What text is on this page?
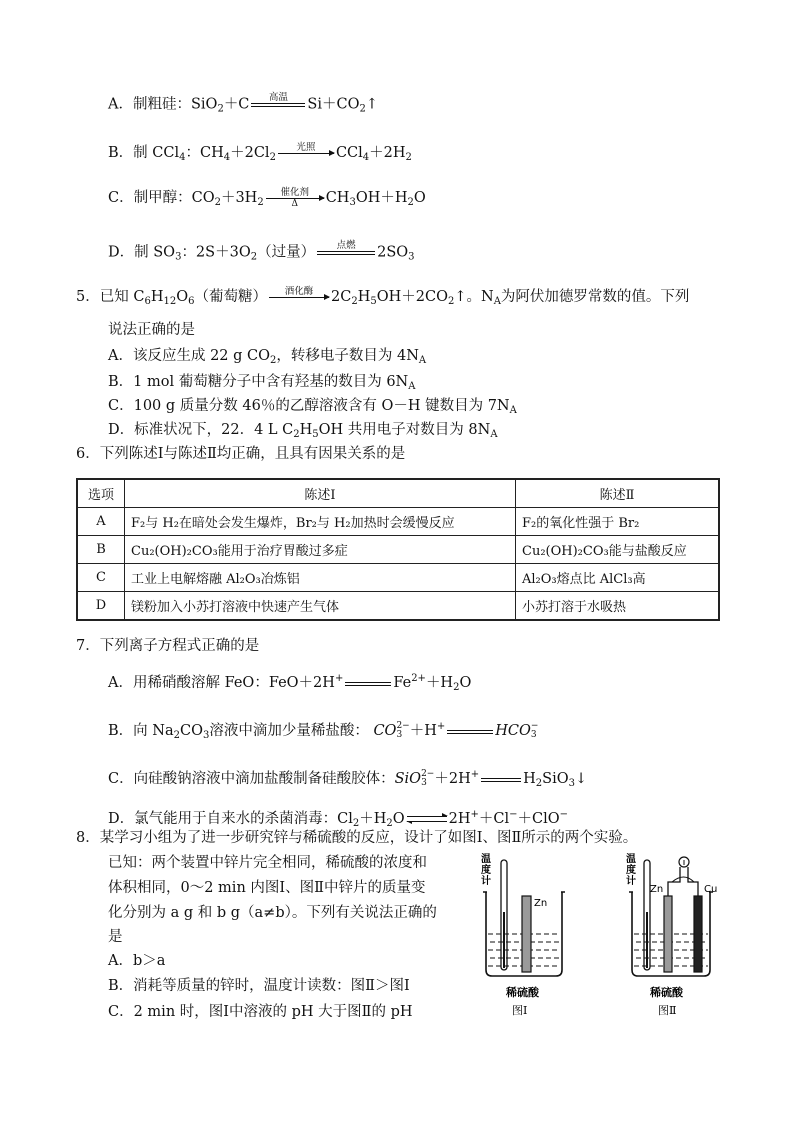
A．制粗硅：SiO$_2$＋C	高温
	$Si+CO_2↑$
B．制 CCl$_4$：$CH_4+2Cl_2$
光照
	$CCl_4+2H_2$
C．制甲醇：$CO_2+3H_2$
催化剂
Δ	$CH_3OH+H_2O$
D．制 $SO_3$：$2S+3O_2$（过量）	点燃
	$2SO_3$
5．已知 $C_6H_{12}O_6$（葡萄糖）	酒化酶
	$2C_2H_5OH+2CO_2↑$。$N_A$为阿伏加德罗常数的值。下列
说法正确的是
A．该反应生成 22 g $CO_2$，转移电子数目为 $4N_A$
B．1 mol 葡萄糖分子中含有羟基的数目为 $6N_A$
C．100 g 质量分数 46％的乙醇溶液含有 O－H 键数目为 $7N_A$
D．标准状况下，22．4 L $C_2H_5OH$ 共用电子对数目为 $8N_A$
6．下列陈述Ⅰ与陈述Ⅱ均正确，且具有因果关系的是
选项	陈述Ⅰ	陈述Ⅱ
A	F₂与 H₂在暗处会发生爆炸，Br₂与 H₂加热时会缓慢反应	F₂的氧化性强于 Br₂
B	Cu₂(OH)₂CO₃能用于治疗胃酸过多症	Cu₂(OH)₂CO₃能与盐酸反应
C	工业上电解熔融 Al₂O₃冶炼铝	Al₂O₃熔点比 AlCl₃高
D	镁粉加入小苏打溶液中快速产生气体	小苏打溶于水吸热
7．下列离子方程式正确的是
A．用稀硝酸溶解 FeO：FeO＋2H+

	$Fe^{2+}+H_2O$
B．向 $Na_2CO_3$溶液中滴加少量稀盐酸： CO 2−
3 ＋H+

	HCO −
3
C．向硅酸钠溶液中滴加盐酸制备硅酸胶体：SiO 2−
3 ＋2H+

	$H_2SiO_3↓$
D．氯气能用于自来水的杀菌消毒：$Cl_2+H_2O$ ⇌ 2H+＋Cl−＋ClO−
8．某学习小组为了进一步研究锌与稀硫酸的反应，设计了如图Ⅰ、图Ⅱ所示的两个实验。
已知：两个装置中锌片完全相同，稀硫酸的浓度和
体积相同，0～2 min 内图Ⅰ、图Ⅱ中锌片的质量变
化分别为 a g 和 b g（a≠b）。下列有关说法正确的
是
A．b＞a
B．消耗等质量的锌时，温度计读数：图Ⅱ＞图Ⅰ
C．2 min 时，图Ⅰ中溶液的 pH 大于图Ⅱ的 pH
温
度
计
Zn
稀硫酸
图Ⅰ
温
度
计
Zn	Cu
稀硫酸
图Ⅱ
